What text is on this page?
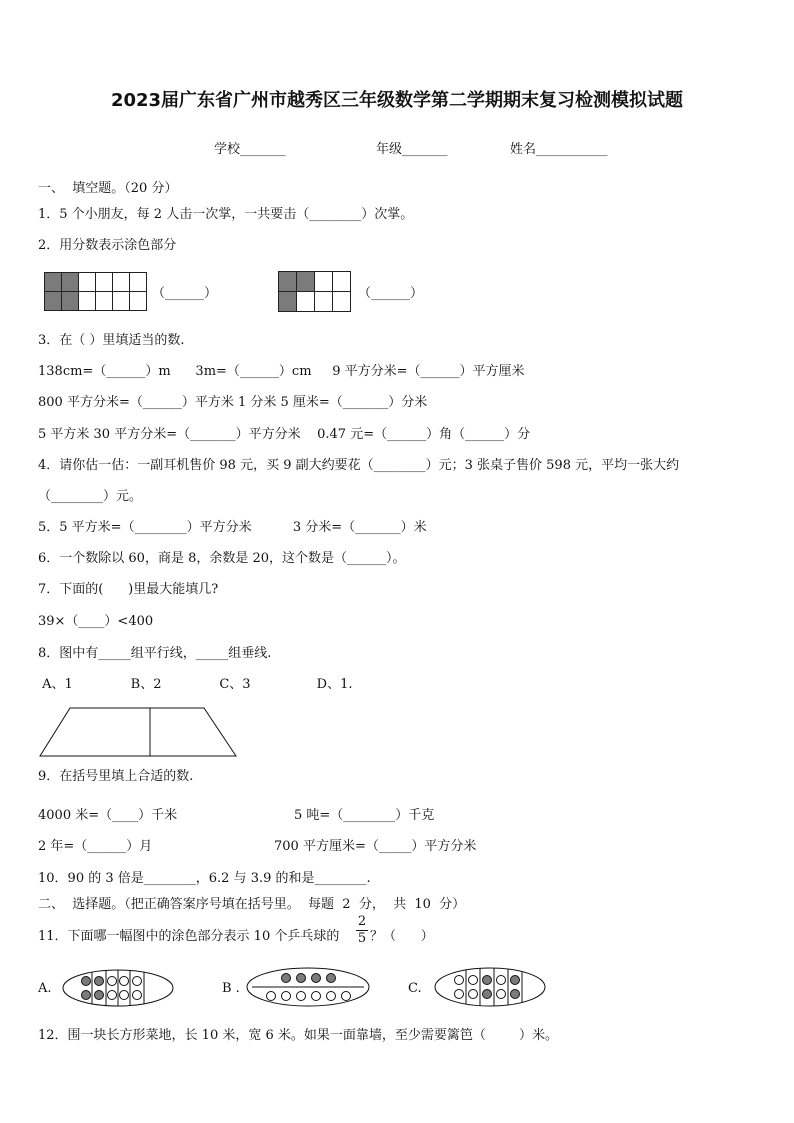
2023届广东省广州市越秀区三年级数学第二学期期末复习检测模拟试题
学校_______	年级_______	姓名___________
一、  填空题。（20 分）
1．5 个小朋友，每 2 人击一次掌，一共要击（________）次掌。
2．用分数表示涂色部分

（______）

				（______）
3．在（ ）里填适当的数.
138cm=（______）m      3m=（______）cm     9 平方分米=（______）平方厘米
800 平方分米=（______）平方米 1 分米 5 厘米=（_______）分米
5 平方米 30 平方分米=（_______）平方分米    0.47 元=（______）角（______）分
4．请你估一估：一副耳机售价 98 元，买 9 副大约要花（________）元；3 张桌子售价 598 元，平均一张大约
（________）元。
5．5 平方米=（________）平方分米          3 分米=（_______）米
6．一个数除以 60，商是 8，余数是 20，这个数是（______）。
7．下面的(      )里最大能填几?
39×（____）<400
8．图中有_____组平行线，_____组垂线.
A、1              B、2              C、3                D、1.
9．在括号里填上合适的数.
4000 米=（____）千米	5 吨=（________）千克
2 年=（______）月	700 平方厘米=（_____）平方分米
10．90 的 3 倍是________，6.2 与 3.9 的和是________.
二、  选择题。（把正确答案序号填在括号里。  每题  2  分，  共  10  分）
11．下面哪一幅图中的涂色部分表示 10 个乒乓球的
2
5 ？（      ）
A.	B .	C.
12．围一块长方形菜地，长 10 米，宽 6 米。如果一面靠墙，至少需要篱笆（        ）米。
